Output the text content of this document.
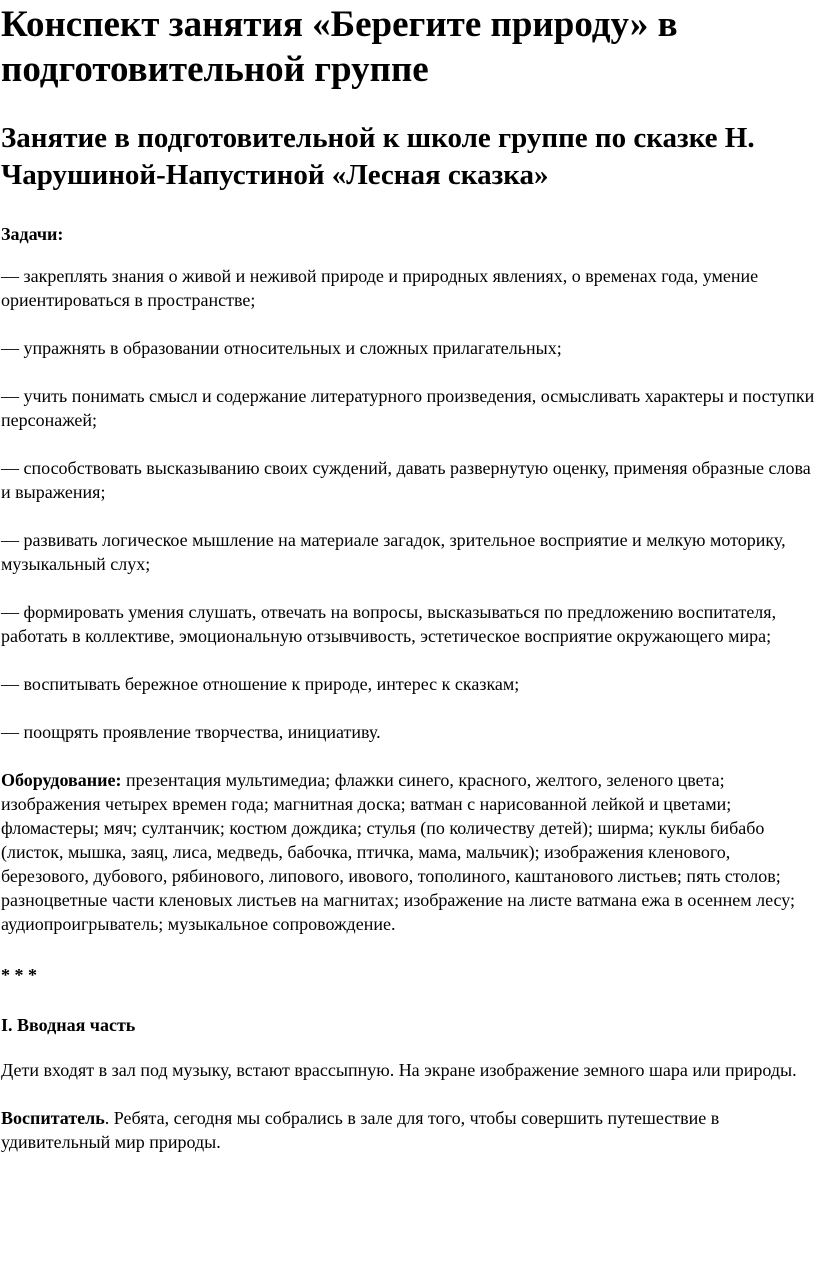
Конспект занятия «Берегите природу» в подготовительной группе
Занятие в подготовительной к школе группе по сказке Н. Чарушиной-Напустиной «Лесная сказка»
Задачи:

— закреплять знания о живой и неживой природе и природных явлениях, о временах года, умение ориентироваться в пространстве;

— упражнять в образовании относительных и сложных прилагательных;

— учить понимать смысл и содержание литературного произведения, осмысливать характеры и поступки персонажей;

— способствовать высказыванию своих суждений, давать развернутую оценку, применяя образные слова и выражения;

— развивать логическое мышление на материале загадок, зрительное восприятие и мелкую моторику, музыкальный слух;

— формировать умения слушать, отвечать на вопросы, высказываться по предложению воспитателя, работать в коллективе, эмоциональную отзывчивость, эстетическое восприятие окружающего мира;

— воспитывать бережное отношение к природе, интерес к сказкам;

— поощрять проявление творчества, инициативу.

Оборудование: презентация мультимедиа; флажки синего, красного, желтого, зеленого цвета; изображения четырех времен года; магнитная доска; ватман с нарисованной лейкой и цветами; фломастеры; мяч; султанчик; костюм дождика; стулья (по количеству детей); ширма; куклы бибабо (листок, мышка, заяц, лиса, медведь, бабочка, птичка, мама, мальчик); изображения кленового, березового, дубового, рябинового, липового, ивового, тополиного, каштанового листьев; пять столов; разноцветные части кленовых листьев на магнитах; изображение на листе ватмана ежа в осеннем лесу; аудиопроигрыватель; музыкальное сопровождение.

* * *
I. Вводная часть

Дети входят в зал под музыку, встают врассыпную. На экране изображение земного шара или природы.

Воспитатель. Ребята, сегодня мы собрались в зале для того, чтобы совершить путешествие в удивительный мир природы.
